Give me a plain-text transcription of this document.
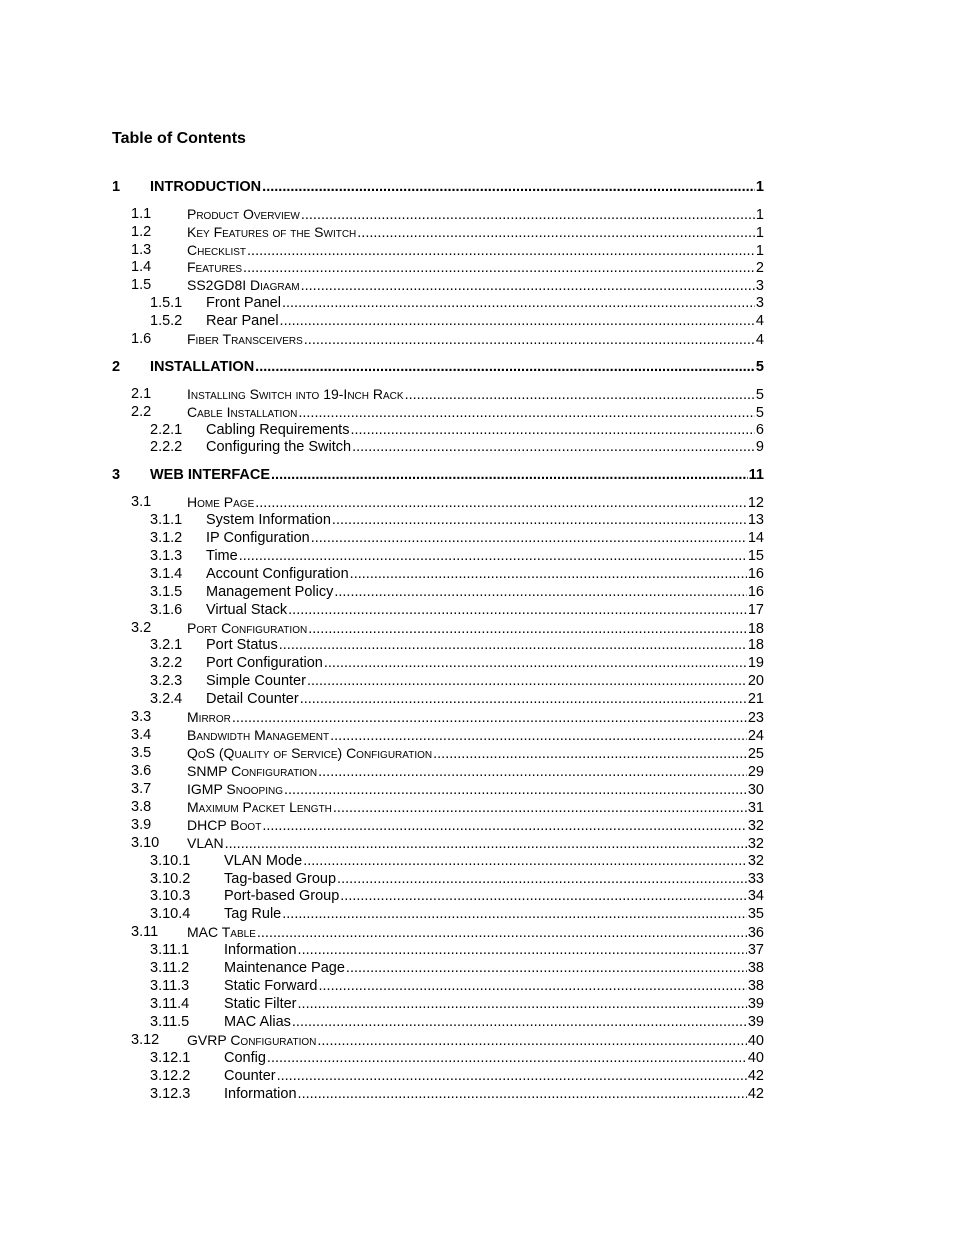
Table of Contents
1 INTRODUCTION .....	1
1.1	Product Overview .....	1
1.2	Key Features of the Switch .....	1
1.3	Checklist .....	1
1.4	Features .....	2
1.5	SS2GD8I Diagram .....	3
1.5.1 Front Panel .....	3
1.5.2 Rear Panel .....	4
1.6	Fiber Transceivers .....	4
2 INSTALLATION .....	5
2.1	Installing Switch into 19-Inch Rack .....	5
2.2	Cable Installation .....	5
2.2.1 Cabling Requirements .....	6
2.2.2 Configuring the Switch .....	9
3 WEB INTERFACE .....	11
3.1	Home Page .....	12
3.1.1 System Information .....	13
3.1.2 IP Configuration .....	14
3.1.3 Time .....	15
3.1.4 Account Configuration .....	16
3.1.5 Management Policy .....	16
3.1.6 Virtual Stack .....	17
3.2	Port Configuration .....	18
3.2.1 Port Status .....	18
3.2.2 Port Configuration .....	19
3.2.3 Simple Counter .....	20
3.2.4 Detail Counter .....	21
3.3	Mirror .....	23
3.4	Bandwidth Management .....	24
3.5	QoS (Quality of Service) Configuration .....	25
3.6	SNMP Configuration .....	29
3.7	IGMP Snooping .....	30
3.8	Maximum Packet Length .....	31
3.9	DHCP Boot .....	32
3.10 VLAN .....	32
3.10.1 VLAN Mode .....	32
3.10.2 Tag-based Group .....	33
3.10.3 Port-based Group .....	34
3.10.4 Tag Rule .....	35
3.11 MAC Table .....	36
3.11.1 Information .....	37
3.11.2 Maintenance Page .....	38
3.11.3 Static Forward .....	38
3.11.4 Static Filter .....	39
3.11.5 MAC Alias .....	39
3.12 GVRP Configuration .....	40
3.12.1 Config .....	40
3.12.2 Counter .....	42
3.12.3 Information .....	42
